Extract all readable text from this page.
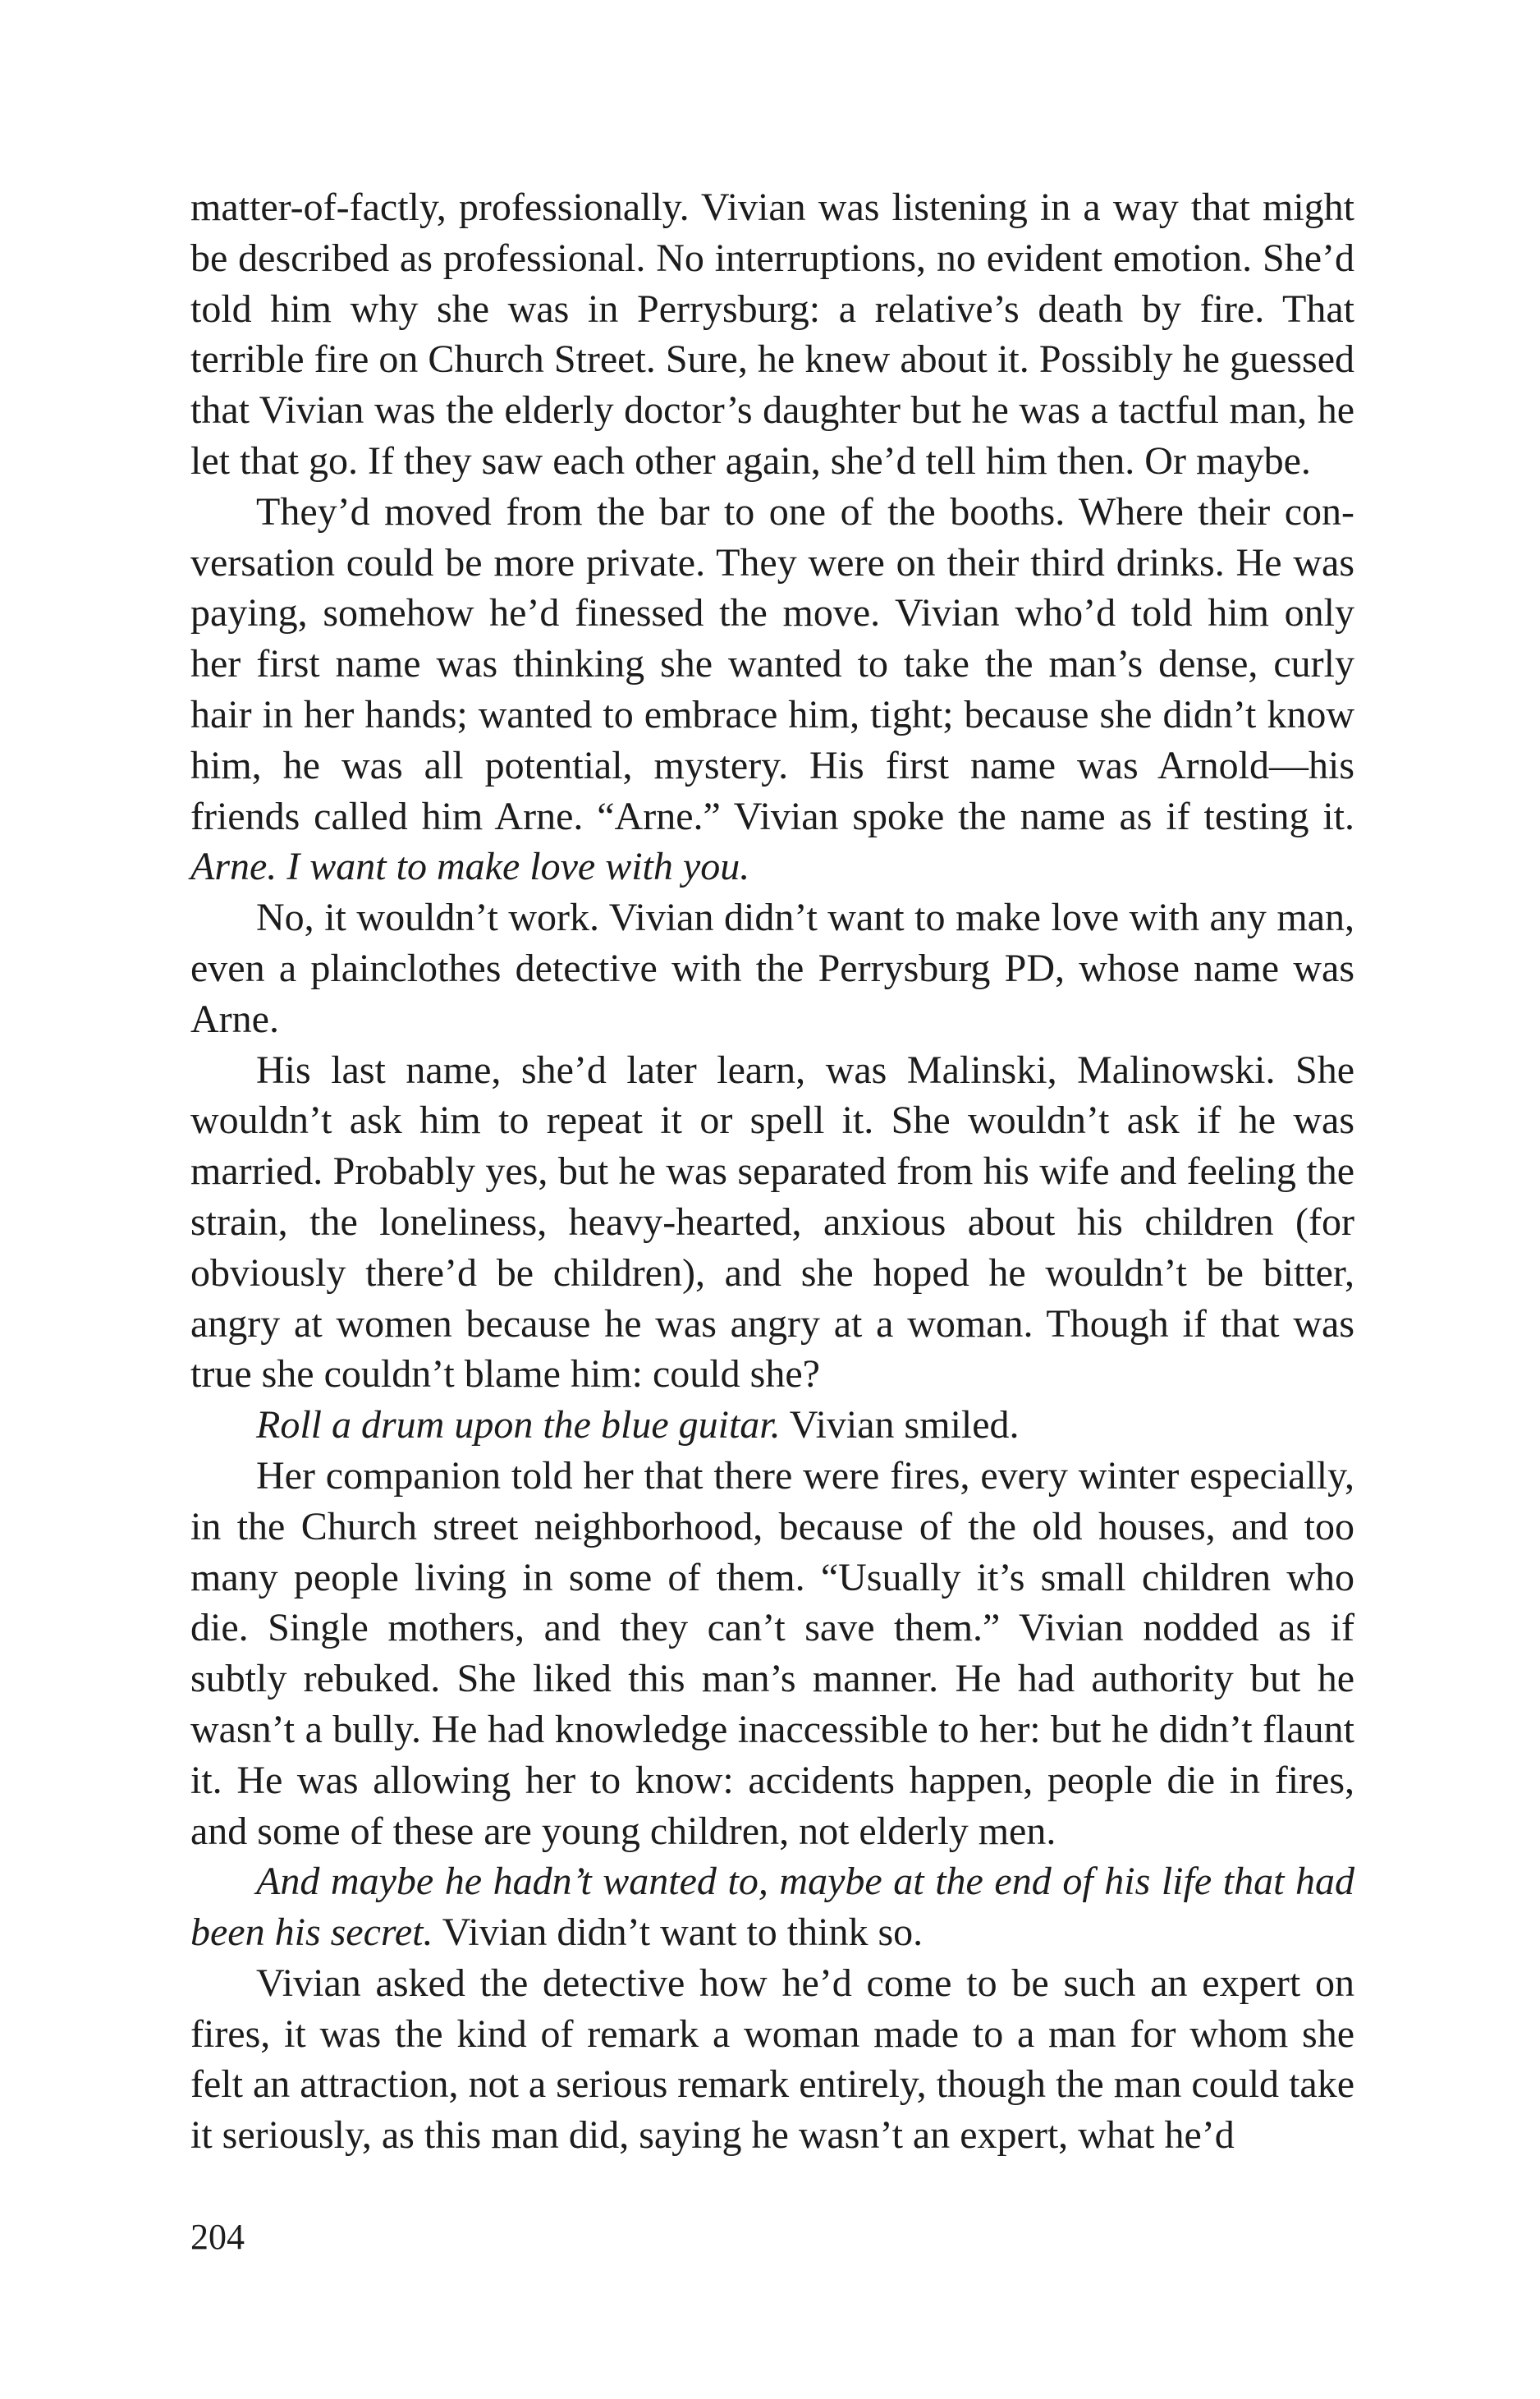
matter-of-factly, professionally. Vivian was listening in a way that might be described as professional. No interruptions, no evident emotion. She’d told him why she was in Perrysburg: a relative’s death by fire. That terrible fire on Church Street. Sure, he knew about it. Possibly he guessed that Vivian was the elderly doctor’s daughter but he was a tactful man, he let that go. If they saw each other again, she’d tell him then. Or maybe.

They’d moved from the bar to one of the booths. Where their conversation could be more private. They were on their third drinks. He was paying, somehow he’d finessed the move. Vivian who’d told him only her first name was thinking she wanted to take the man’s dense, curly hair in her hands; wanted to embrace him, tight; because she didn’t know him, he was all potential, mystery. His first name was Arnold—his friends called him Arne. “Arne.” Vivian spoke the name as if testing it. Arne. I want to make love with you.

No, it wouldn’t work. Vivian didn’t want to make love with any man, even a plainclothes detective with the Perrysburg PD, whose name was Arne.

His last name, she’d later learn, was Malinski, Malinowski. She wouldn’t ask him to repeat it or spell it. She wouldn’t ask if he was married. Probably yes, but he was separated from his wife and feeling the strain, the loneliness, heavy-hearted, anxious about his children (for obviously there’d be children), and she hoped he wouldn’t be bitter, angry at women because he was angry at a woman. Though if that was true she couldn’t blame him: could she?

Roll a drum upon the blue guitar. Vivian smiled.

Her companion told her that there were fires, every winter especially, in the Church street neighborhood, because of the old houses, and too many people living in some of them. “Usually it’s small children who die. Single mothers, and they can’t save them.” Vivian nodded as if subtly rebuked. She liked this man’s manner. He had authority but he wasn’t a bully. He had knowledge inaccessible to her: but he didn’t flaunt it. He was allowing her to know: accidents happen, people die in fires, and some of these are young children, not elderly men.

And maybe he hadn’t wanted to, maybe at the end of his life that had been his secret. Vivian didn’t want to think so.

Vivian asked the detective how he’d come to be such an expert on fires, it was the kind of remark a woman made to a man for whom she felt an attraction, not a serious remark entirely, though the man could take it seriously, as this man did, saying he wasn’t an expert, what he’d

204
